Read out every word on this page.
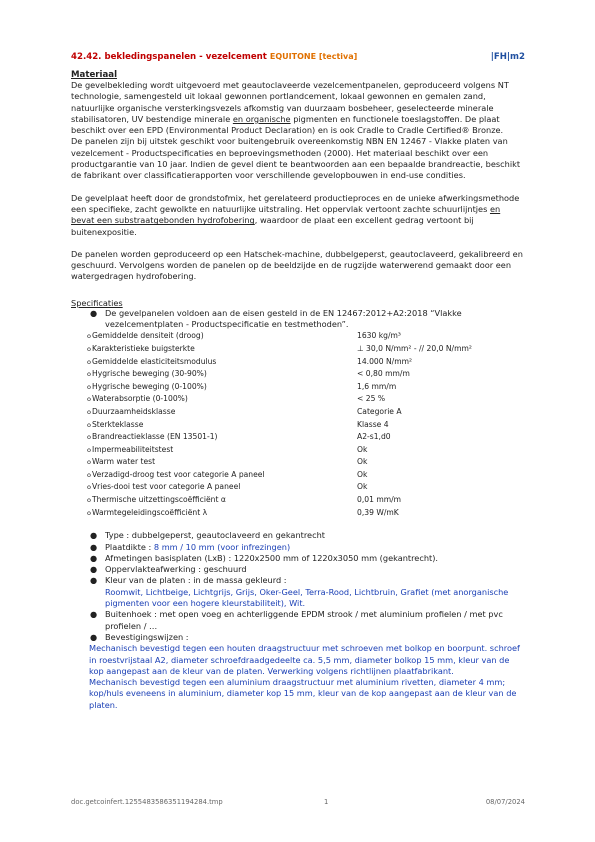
42.42. bekledingspanelen - vezelcement EQUITONE [tectiva]	|FH|m2
Materiaal

De gevelbekleding wordt uitgevoerd met geautoclaveerde vezelcementpanelen, geproduceerd volgens NT technologie, samengesteld uit lokaal gewonnen portlandcement, lokaal gewonnen en gemalen zand, natuurlijke organische versterkingsvezels afkomstig van duurzaam bosbeheer, geselecteerde minerale stabilisatoren, UV bestendige minerale en organische pigmenten en functionele toeslagstoffen. De plaat beschikt over een EPD (Environmental Product Declaration) en is ook Cradle to Cradle Certified® Bronze.

De panelen zijn bij uitstek geschikt voor buitengebruik overeenkomstig NBN EN 12467 - Vlakke platen van vezelcement - Productspecificaties en beproevingsmethoden (2000). Het materiaal beschikt over een productgarantie van 10 jaar. Indien de gevel dient te beantwoorden aan een bepaalde brandreactie, beschikt de fabrikant over classificatierapporten voor verschillende gevelopbouwen in end-use condities.

De gevelplaat heeft door de grondstofmix, het gerelateerd productieproces en de unieke afwerkingsmethode een specifieke, zacht gewolkte en natuurlijke uitstraling. Het oppervlak vertoont zachte schuurlijntjes en bevat een substraatgebonden hydrofobering, waardoor de plaat een excellent gedrag vertoont bij buitenexpositie.

De panelen worden geproduceerd op een Hatschek-machine, dubbelgeperst, geautoclaveerd, gekalibreerd en geschuurd. Vervolgens worden de panelen op de beeldzijde en de rugzijde waterwerend gemaakt door een watergedragen hydrofobering.

Specificaties
● De gevelpanelen voldoen aan de eisen gesteld in de EN 12467:2012+A2:2018 “Vlakke vezelcementplaten - Productspecificatie en testmethoden”.
o Gemiddelde densiteit (droog)	1630 kg/m³
o Karakteristieke buigsterkte	⊥ 30,0 N/mm² - // 20,0 N/mm²
o Gemiddelde elasticiteitsmodulus	14.000 N/mm²
o Hygrische beweging (30-90%)	< 0,80 mm/m
o Hygrische beweging (0-100%)	1,6 mm/m
o Waterabsorptie (0-100%)	< 25 %
o Duurzaamheidsklasse	Categorie A
o Sterkteklasse	Klasse 4
o Brandreactieklasse (EN 13501-1)	A2-s1,d0
o Impermeabiliteitstest	Ok
o Warm water test	Ok
o Verzadigd-droog test voor categorie A paneel	Ok
o Vries-dooi test voor categorie A paneel	Ok
o Thermische uitzettingscoëfficiënt α	0,01 mm/m
o Warmtegeleidingscoëfficiënt λ	0,39 W/mK
● Type : dubbelgeperst, geautoclaveerd en gekantrecht
● Plaatdikte : 8 mm / 10 mm (voor infrezingen)
● Afmetingen basisplaten (LxB) : 1220x2500 mm of 1220x3050 mm (gekantrecht).
● Oppervlakteafwerking : geschuurd
● Kleur van de platen : in de massa gekleurd :
Roomwit, Lichtbeige, Lichtgrijs, Grijs, Oker-Geel, Terra-Rood, Lichtbruin, Grafiet (met anorganische pigmenten voor een hogere kleurstabiliteit), Wit.
● Buitenhoek : met open voeg en achterliggende EPDM strook / met aluminium profielen / met pvc profielen / …
● Bevestigingswijzen :
Mechanisch bevestigd tegen een houten draagstructuur met schroeven met bolkop en boorpunt. schroef in roestvrijstaal A2, diameter schroefdraadgedeelte ca. 5,5 mm, diameter bolkop 15 mm, kleur van de kop aangepast aan de kleur van de platen. Verwerking volgens richtlijnen plaatfabrikant.
Mechanisch bevestigd tegen een aluminium draagstructuur met aluminium rivetten, diameter 4 mm; kop/huls eveneens in aluminium, diameter kop 15 mm, kleur van de kop aangepast aan de kleur van de platen.
doc.getcoinfert.1255483586351194284.tmp	1	08/07/2024
